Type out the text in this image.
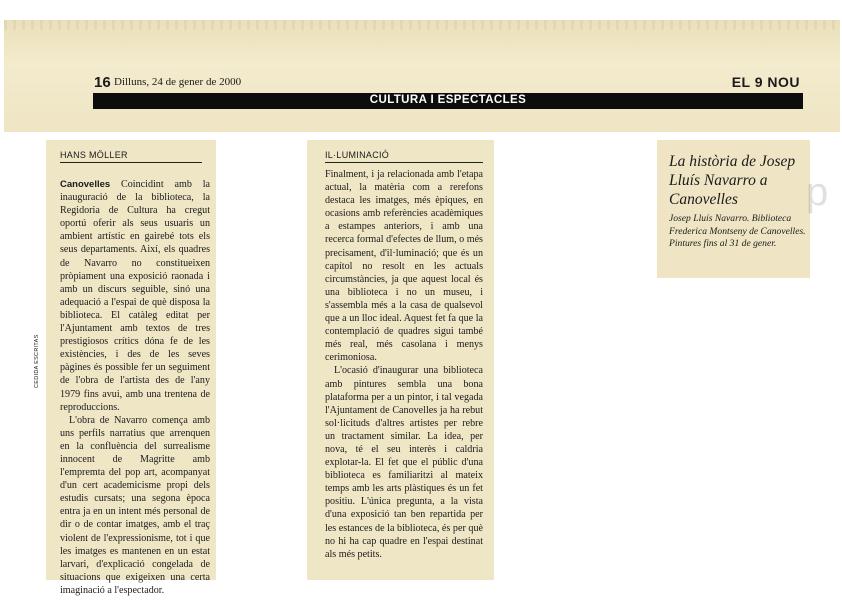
16 Dilluns, 24 de gener de 2000	EL 9 NOU
CULTURA I ESPECTACLES
HANS MÖLLER

Canovelles Coincidint amb la inauguració de la biblioteca, la Regidoria de Cultura ha cregut oportú oferir als seus usuaris un ambient artístic en gairebé tots els seus departaments. Així, els quadres de Navarro no constitueixen pròpiament una exposició raonada i amb un discurs seguible, sinó una adequació a l'espai de què disposa la biblioteca. El catàleg editat per l'Ajuntament amb textos de tres prestigiosos crítics dóna fe de les existències, i des de les seves pàgines és possible fer un seguiment de l'obra de l'artista des de l'any 1979 fins avui, amb una trentena de reproduccions.

L'obra de Navarro comença amb uns perfils narratius que arrenquen en la confluència del surrealisme innocent de Magritte amb l'empremta del pop art, acompanyat d'un cert academicisme propi dels estudis cursats; una segona època entra ja en un intent més personal de dir o de contar imatges, amb el traç violent de l'expressionisme, tot i que les imatges es mantenen en un estat larvari, d'explicació congelada de situacions que exigeixen una certa imaginació a l'espectador.

CEDIDA ESCRITAS
IL·LUMINACIÓ

Finalment, i ja relacionada amb l'etapa actual, la matèria com a rerefons destaca les imatges, més èpiques, en ocasions amb referències acadèmiques a estampes anteriors, i amb una recerca formal d'efectes de llum, o més precisament, d'il·luminació; que és un capítol no resolt en les actuals circumstàncies, ja que aquest local és una biblioteca i no un museu, i s'assembla més a la casa de qualsevol que a un lloc ideal. Aquest fet fa que la contemplació de quadres sigui també més real, més casolana i menys cerimoniosa.

L'ocasió d'inaugurar una biblioteca amb pintures sembla una bona plataforma per a un pintor, i tal vegada l'Ajuntament de Canovelles ja ha rebut sol·licituds d'altres artistes per rebre un tractament similar. La idea, per nova, té el seu interès i caldria explotar-la. El fet que el públic d'una biblioteca es familiaritzi al mateix temps amb les arts plàstiques és un fet positiu. L'única pregunta, a la vista d'una exposició tan ben repartida per les estances de la biblioteca, és per què no hi ha cap quadre en l'espai destinat als més petits.

La història de Josep Lluís Navarro a Canovelles
Josep Lluís Navarro. Biblioteca Frederica Montseny de Canovelles. Pintures fins al 31 de gener.
p
